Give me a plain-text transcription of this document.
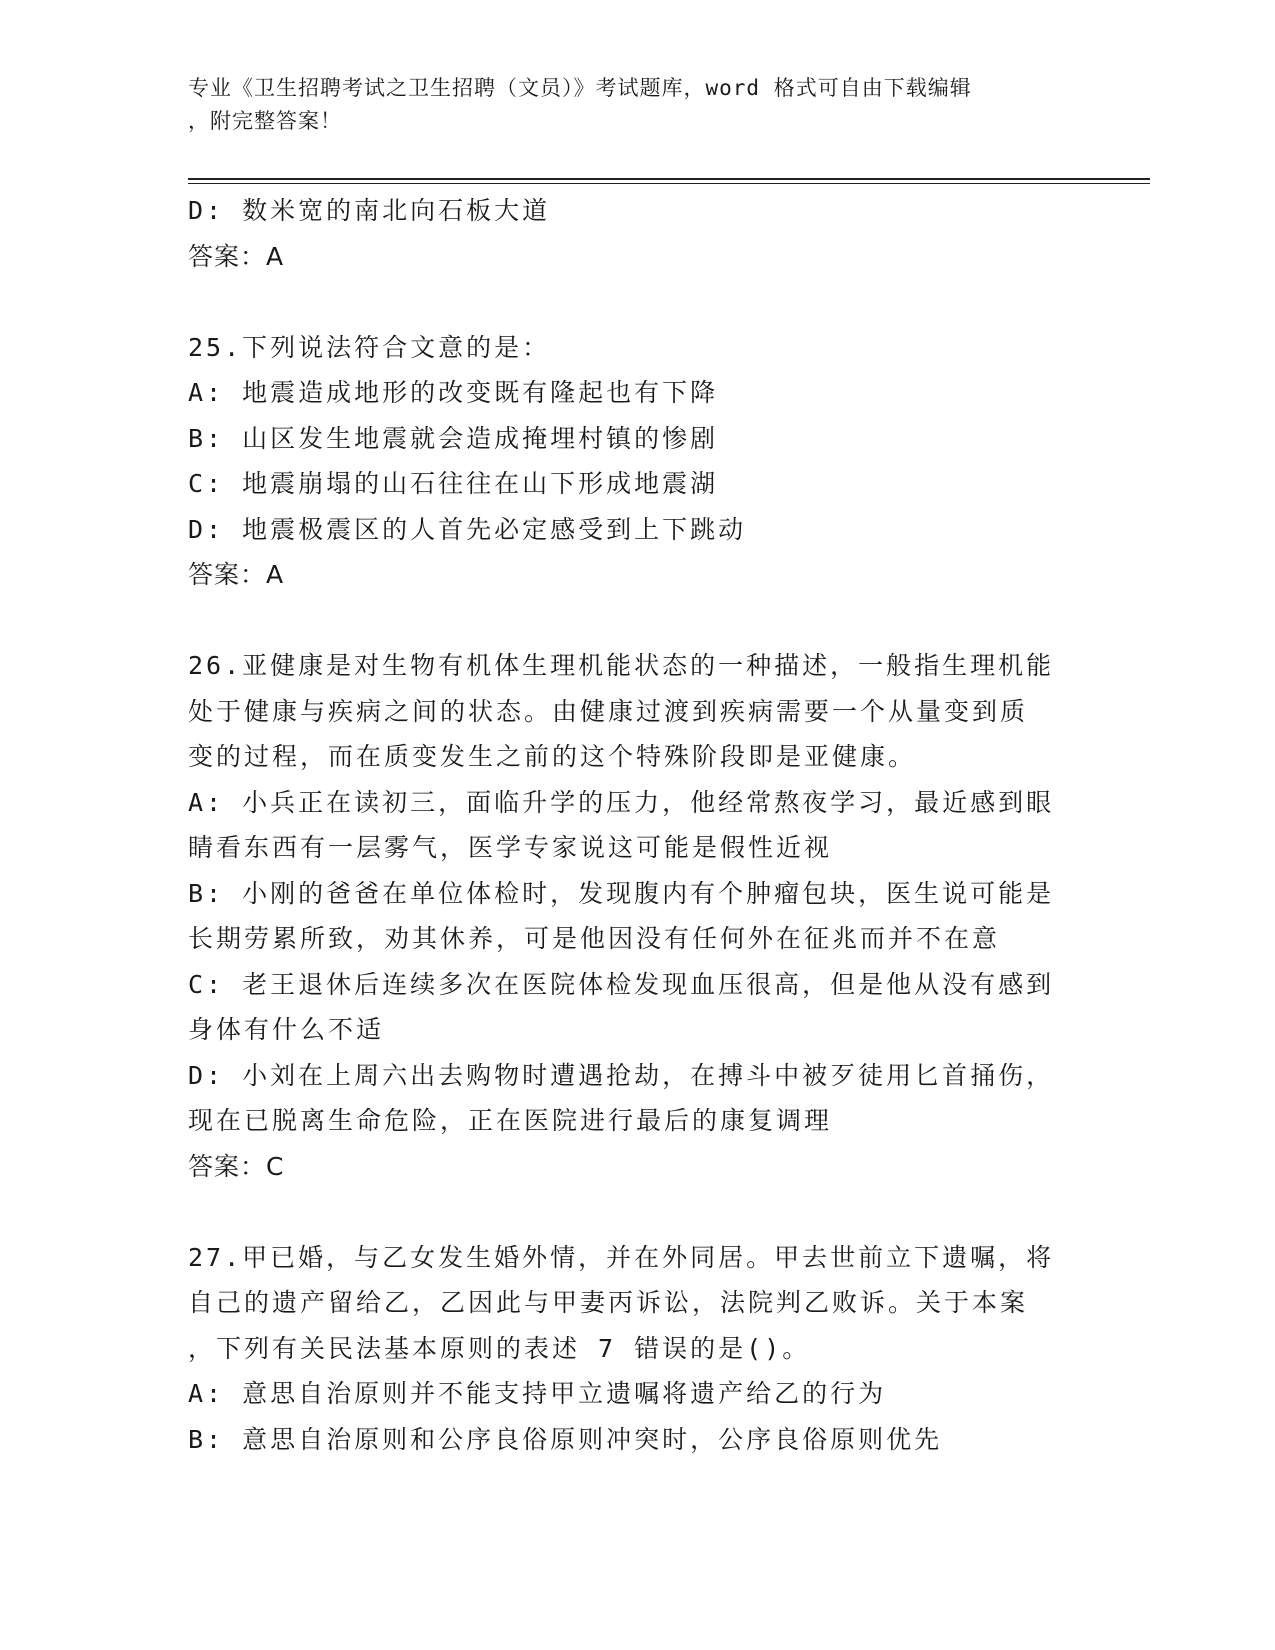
专业《卫生招聘考试之卫生招聘（文员）》考试题库，word 格式可自由下载编辑
，附完整答案！
D: 数米宽的南北向石板大道
答案：A
25.下列说法符合文意的是：
A: 地震造成地形的改变既有隆起也有下降
B: 山区发生地震就会造成掩埋村镇的惨剧
C: 地震崩塌的山石往往在山下形成地震湖
D: 地震极震区的人首先必定感受到上下跳动
答案：A
26.亚健康是对生物有机体生理机能状态的一种描述，一般指生理机能
处于健康与疾病之间的状态。由健康过渡到疾病需要一个从量变到质
变的过程，而在质变发生之前的这个特殊阶段即是亚健康。
A: 小兵正在读初三，面临升学的压力，他经常熬夜学习，最近感到眼
睛看东西有一层雾气，医学专家说这可能是假性近视
B: 小刚的爸爸在单位体检时，发现腹内有个肿瘤包块，医生说可能是
长期劳累所致，劝其休养，可是他因没有任何外在征兆而并不在意
C: 老王退休后连续多次在医院体检发现血压很高，但是他从没有感到
身体有什么不适
D: 小刘在上周六出去购物时遭遇抢劫，在搏斗中被歹徒用匕首捅伤，
现在已脱离生命危险，正在医院进行最后的康复调理
答案：C
27.甲已婚，与乙女发生婚外情，并在外同居。甲去世前立下遗嘱，将
自己的遗产留给乙，乙因此与甲妻丙诉讼，法院判乙败诉。关于本案
，下列有关民法基本原则的表述 7 错误的是()。
A: 意思自治原则并不能支持甲立遗嘱将遗产给乙的行为
B: 意思自治原则和公序良俗原则冲突时，公序良俗原则优先
